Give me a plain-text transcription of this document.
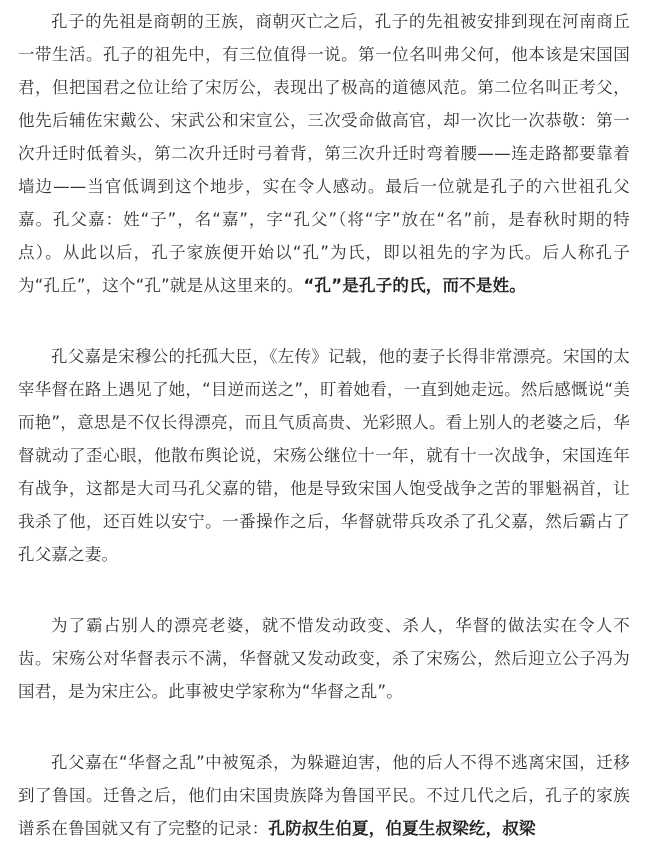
孔子的先祖是商朝的王族，商朝灭亡之后，孔子的先祖被安排到现在河南商丘一带生活。孔子的祖先中，有三位值得一说。第一位名叫弗父何，他本该是宋国国君，但把国君之位让给了宋厉公，表现出了极高的道德风范。第二位名叫正考父，他先后辅佐宋戴公、宋武公和宋宣公，三次受命做高官，却一次比一次恭敬：第一次升迁时低着头，第二次升迁时弓着背，第三次升迁时弯着腰——连走路都要靠着墙边——当官低调到这个地步，实在令人感动。最后一位就是孔子的六世祖孔父嘉。孔父嘉：姓“子”，名“嘉”，字“孔父”（将“字”放在“名”前，是春秋时期的特点）。从此以后，孔子家族便开始以“孔”为氏，即以祖先的字为氏。后人称孔子为“孔丘”，这个“孔”就是从这里来的。“孔”是孔子的氏，而不是姓。

孔父嘉是宋穆公的托孤大臣，《左传》记载，他的妻子长得非常漂亮。宋国的太宰华督在路上遇见了她，“目逆而送之”，盯着她看，一直到她走远。然后感慨说“美而艳”，意思是不仅长得漂亮，而且气质高贵、光彩照人。看上别人的老婆之后，华督就动了歪心眼，他散布舆论说，宋殇公继位十一年，就有十一次战争，宋国连年有战争，这都是大司马孔父嘉的错，他是导致宋国人饱受战争之苦的罪魁祸首，让我杀了他，还百姓以安宁。一番操作之后，华督就带兵攻杀了孔父嘉，然后霸占了孔父嘉之妻。

为了霸占别人的漂亮老婆，就不惜发动政变、杀人，华督的做法实在令人不齿。宋殇公对华督表示不满，华督就又发动政变，杀了宋殇公，然后迎立公子冯为国君，是为宋庄公。此事被史学家称为“华督之乱”。

孔父嘉在“华督之乱”中被冤杀，为躲避迫害，他的后人不得不逃离宋国，迁移到了鲁国。迁鲁之后，他们由宋国贵族降为鲁国平民。不过几代之后，孔子的家族谱系在鲁国就又有了完整的记录：孔防叔生伯夏，伯夏生叔梁纥，叔梁
